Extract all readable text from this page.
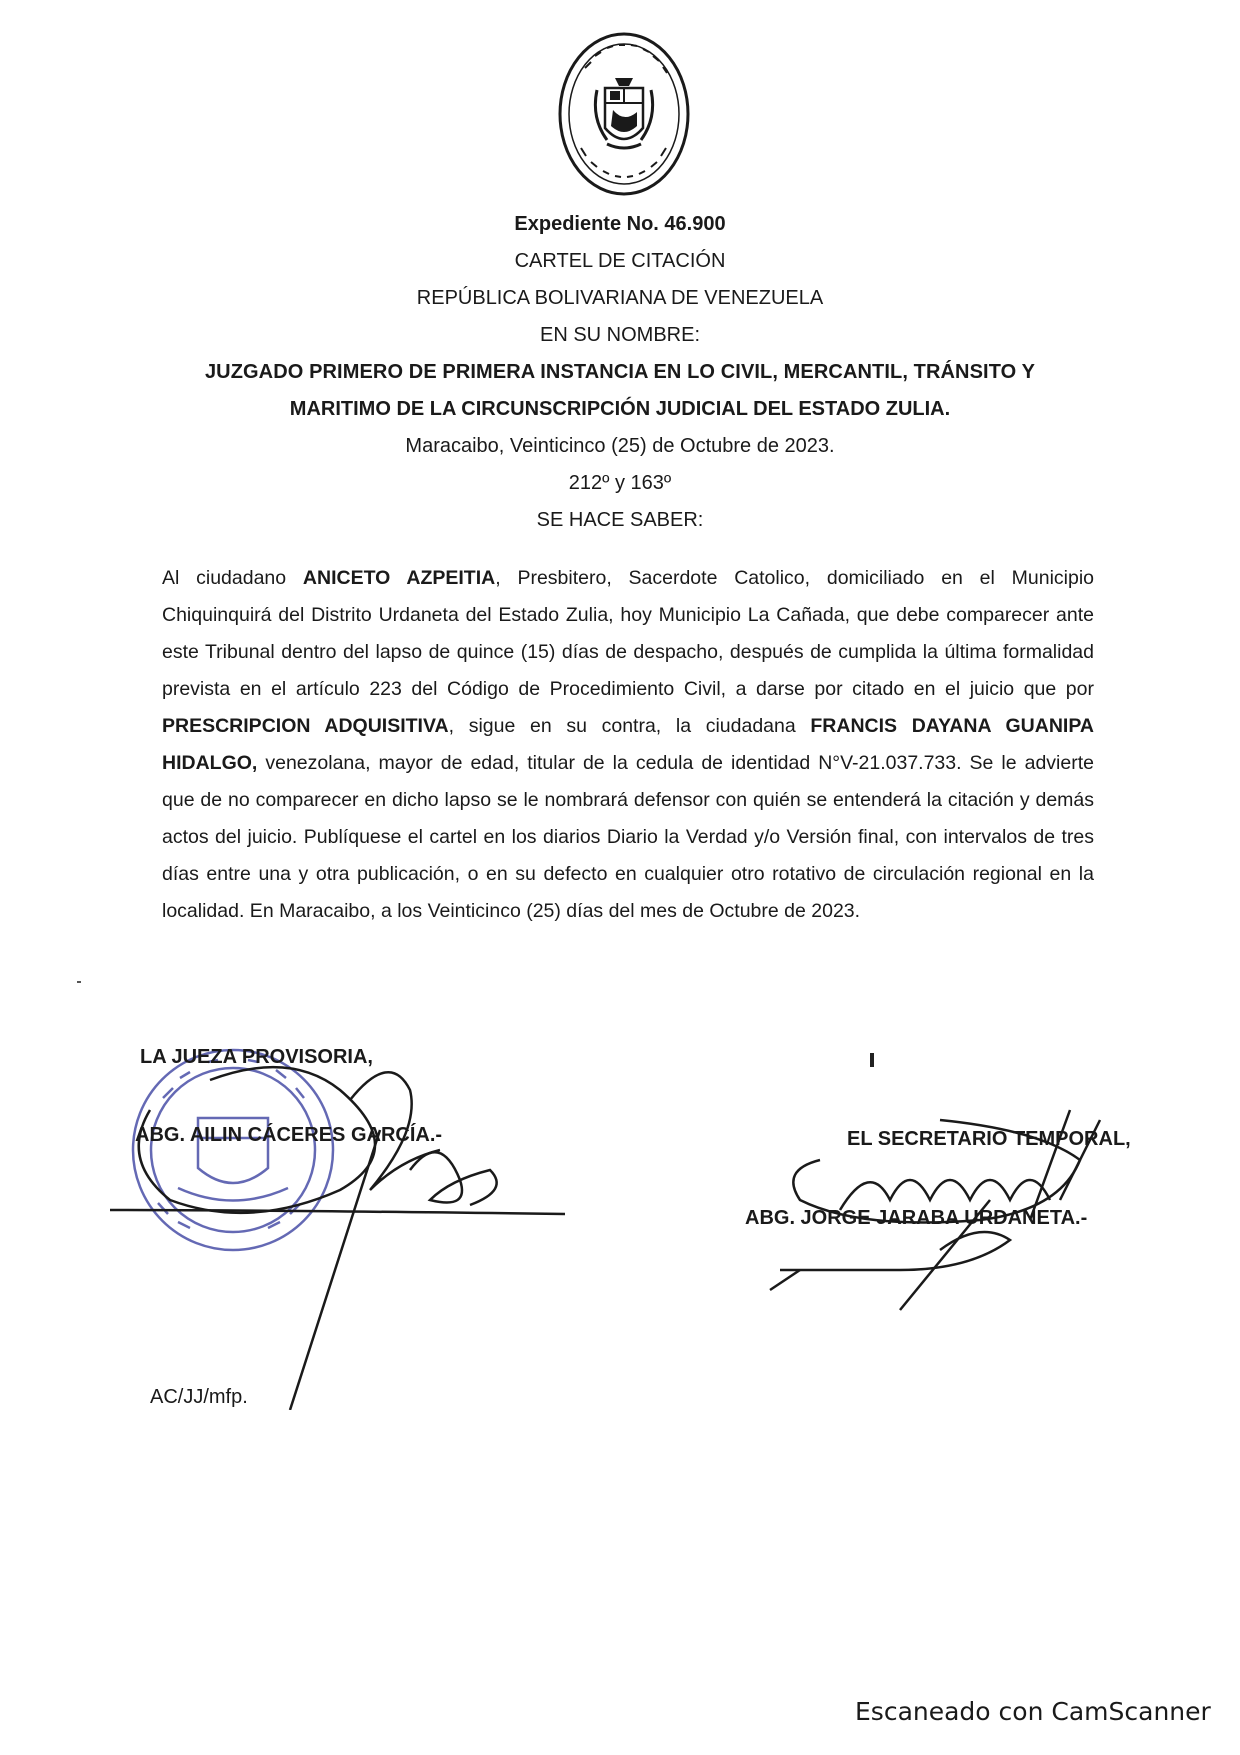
Expediente No. 46.900
CARTEL DE CITACIÓN
REPÚBLICA BOLIVARIANA DE VENEZUELA
EN SU NOMBRE:
JUZGADO PRIMERO DE PRIMERA INSTANCIA EN LO CIVIL, MERCANTIL, TRÁNSITO Y
MARITIMO DE LA CIRCUNSCRIPCIÓN JUDICIAL DEL ESTADO ZULIA.
Maracaibo, Veinticinco (25) de Octubre de 2023.
212º y 163º
SE HACE SABER:
Al ciudadano ANICETO AZPEITIA, Presbitero, Sacerdote Catolico, domiciliado en el Municipio Chiquinquirá del Distrito Urdaneta del Estado Zulia, hoy Municipio La Cañada, que debe comparecer ante este Tribunal dentro del lapso de quince (15) días de despacho, después de cumplida la última formalidad prevista en el artículo 223 del Código de Procedimiento Civil, a darse por citado en el juicio que por PRESCRIPCION ADQUISITIVA, sigue en su contra, la ciudadana FRANCIS DAYANA GUANIPA HIDALGO, venezolana, mayor de edad, titular de la cedula de identidad N°V-21.037.733. Se le advierte que de no comparecer en dicho lapso se le nombrará defensor con quién se entenderá la citación y demás actos del juicio. Publíquese el cartel en los diarios Diario la Verdad y/o Versión final, con intervalos de tres días entre una y otra publicación, o en su defecto en cualquier otro rotativo de circulación regional en la localidad. En Maracaibo, a los Veinticinco (25) días del mes de Octubre de 2023.
LA JUEZA PROVISORIA,
ABG. AILIN CÁCERES GARCÍA.-	EL SECRETARIO TEMPORAL,
ABG. JORGE JARABA URDANETA.-
AC/JJ/mfp.
Escaneado con CamScanner
